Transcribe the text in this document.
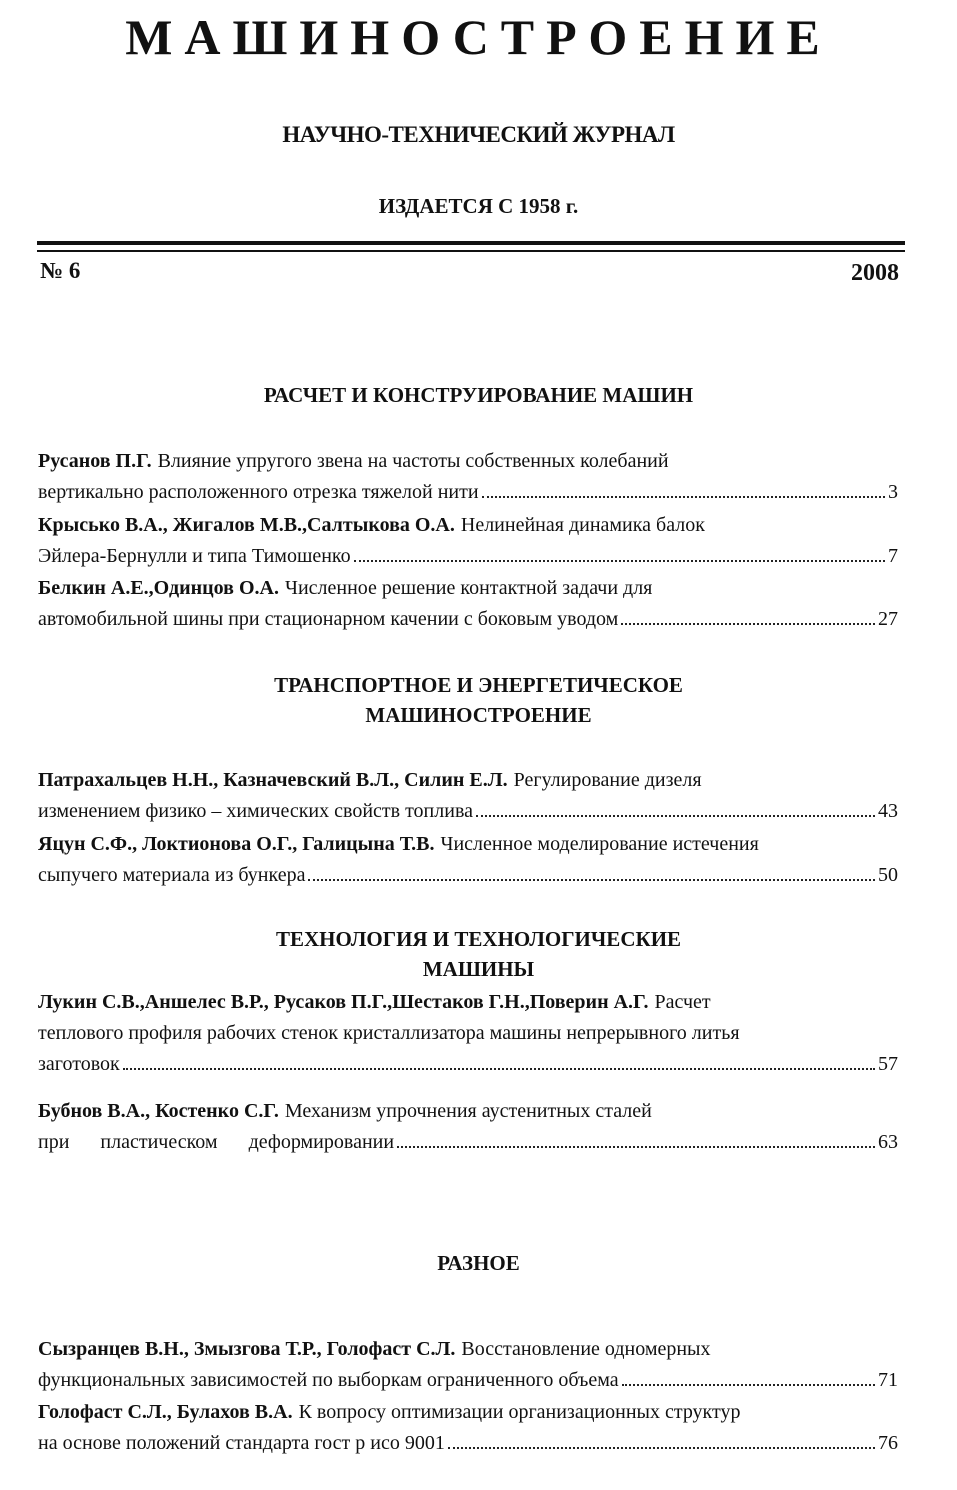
МАШИНОСТРОЕНИЕ
НАУЧНО-ТЕХНИЧЕСКИЙ ЖУРНАЛ
ИЗДАЕТСЯ С 1958 г.
№ 6	2008
РАСЧЕТ И КОНСТРУИРОВАНИЕ МАШИН
Русанов П.Г. Влияние упругого звена на частоты собственных колебаний
вертикально расположенного отрезка тяжелой нити	3
Крысько В.А., Жигалов М.В.,Салтыкова О.А. Нелинейная динамика балок
Эйлера-Бернулли и типа Тимошенко	7
Белкин А.Е.,Одинцов О.А. Численное решение контактной задачи для
автомобильной шины при стационарном качении с боковым уводом	27
ТРАНСПОРТНОЕ И ЭНЕРГЕТИЧЕСКОЕ
МАШИНОСТРОЕНИЕ
Патрахальцев Н.Н., Казначевский В.Л., Силин Е.Л. Регулирование дизеля
изменением физико – химических свойств топлива	43
Яцун С.Ф., Локтионова О.Г., Галицына Т.В. Численное моделирование истечения
сыпучего материала из бункера	50
ТЕХНОЛОГИЯ И ТЕХНОЛОГИЧЕСКИЕ
МАШИНЫ
Лукин С.В.,Аншелес В.Р., Русаков П.Г.,Шестаков Г.Н.,Поверин А.Г. Расчет
теплового профиля рабочих стенок кристаллизатора машины непрерывного литья
заготовок	57
Бубнов В.А., Костенко С.Г. Механизм упрочнения аустенитных сталей
при пластическом деформировании	63
РАЗНОЕ
Сызранцев В.Н., Змызгова Т.Р., Голофаст С.Л. Восстановление одномерных
функциональных зависимостей по выборкам ограниченного объема	71
Голофаст С.Л., Булахов В.А. К вопросу оптимизации организационных структур
на основе положений стандарта гост р исо 9001	76
